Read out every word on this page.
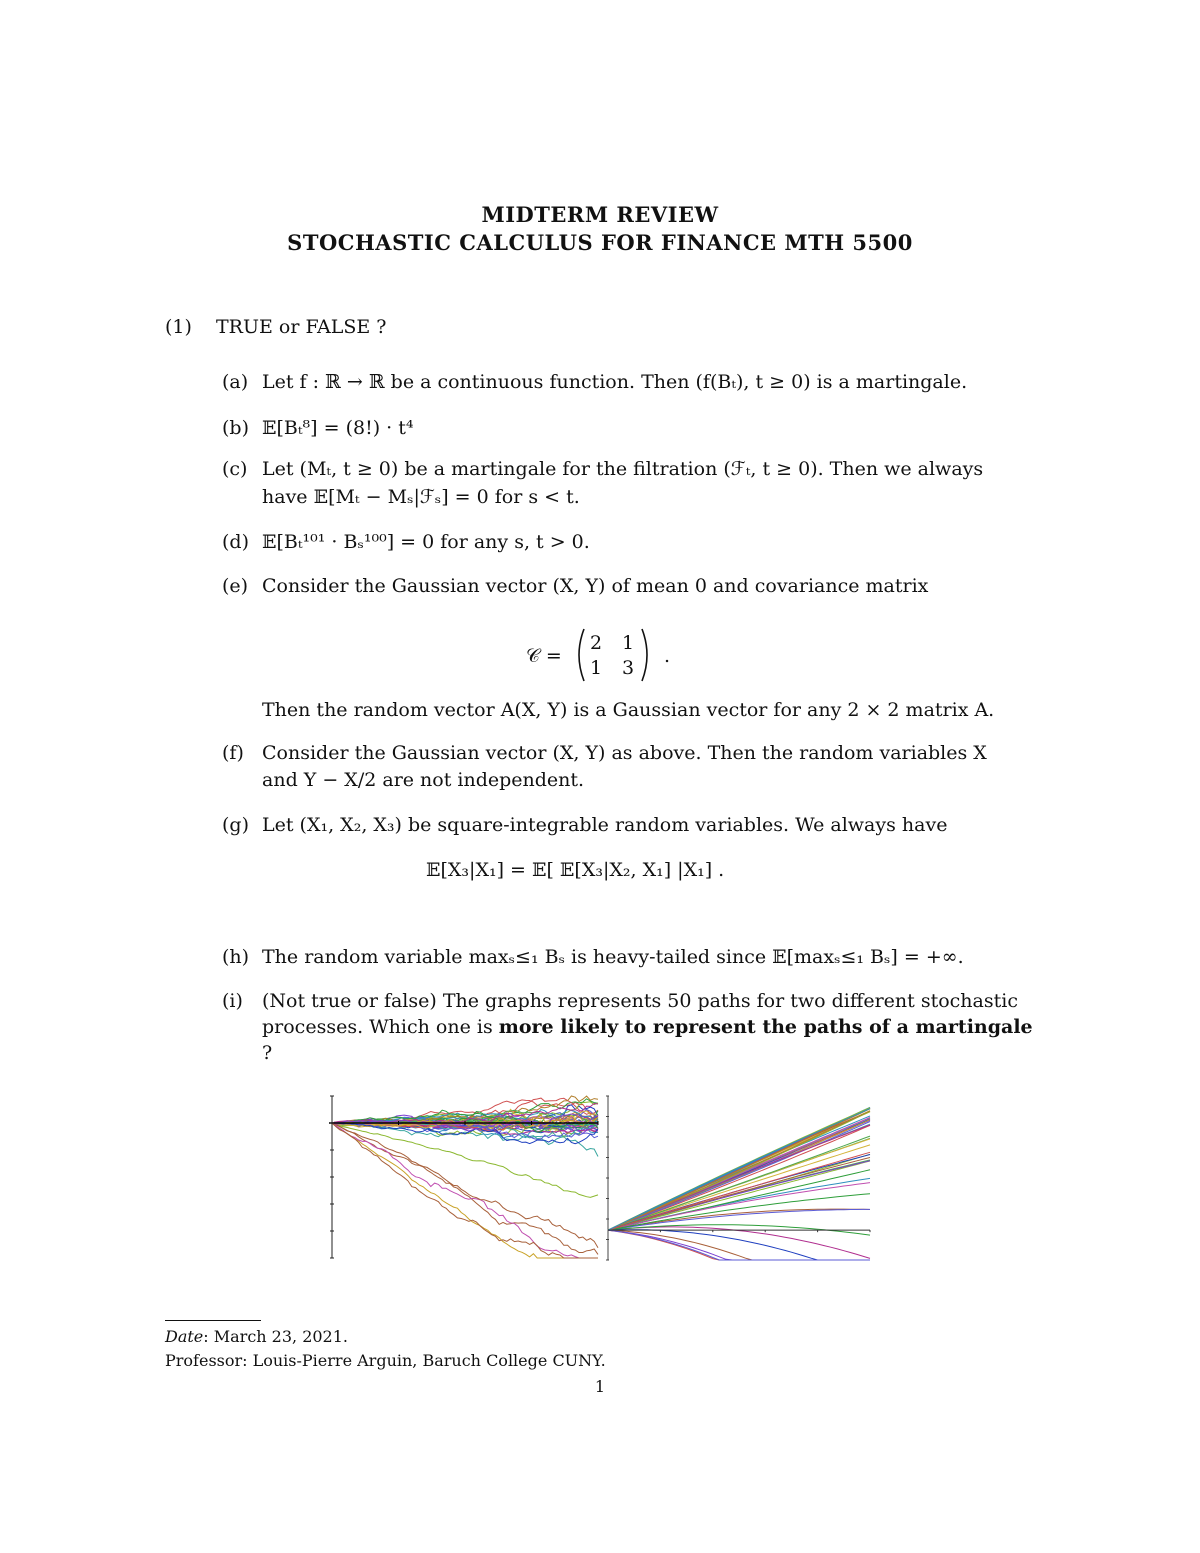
MIDTERM REVIEW
STOCHASTIC CALCULUS FOR FINANCE MTH 5500
(1) TRUE or FALSE ?
(a) Let f : ℝ → ℝ be a continuous function. Then (f(Bₜ), t ≥ 0) is a martingale.
(b) 𝔼[Bₜ⁸] = (8!) · t⁴
(c) Let (Mₜ, t ≥ 0) be a martingale for the filtration (ℱₜ, t ≥ 0). Then we always
have 𝔼[Mₜ − Mₛ|ℱₛ] = 0 for s < t.
(d) 𝔼[Bₜ¹⁰¹ · Bₛ¹⁰⁰] = 0 for any s, t > 0.
(e) Consider the Gaussian vector (X, Y) of mean 0 and covariance matrix
𝒞 =
2 1
1 3
.
Then the random vector A(X, Y) is a Gaussian vector for any 2 × 2 matrix A.
(f) Consider the Gaussian vector (X, Y) as above. Then the random variables X
and Y − X/2 are not independent.
(g) Let (X₁, X₂, X₃) be square-integrable random variables. We always have
𝔼[X₃|X₁] = 𝔼[ 𝔼[X₃|X₂, X₁] |X₁] .
(h) The random variable maxₛ≤₁ Bₛ is heavy-tailed since 𝔼[maxₛ≤₁ Bₛ] = +∞.
(i) (Not true or false) The graphs represents 50 paths for two different stochastic
processes. Which one is more likely to represent the paths of a martingale
?
Date: March 23, 2021.
Professor: Louis-Pierre Arguin, Baruch College CUNY.
1
